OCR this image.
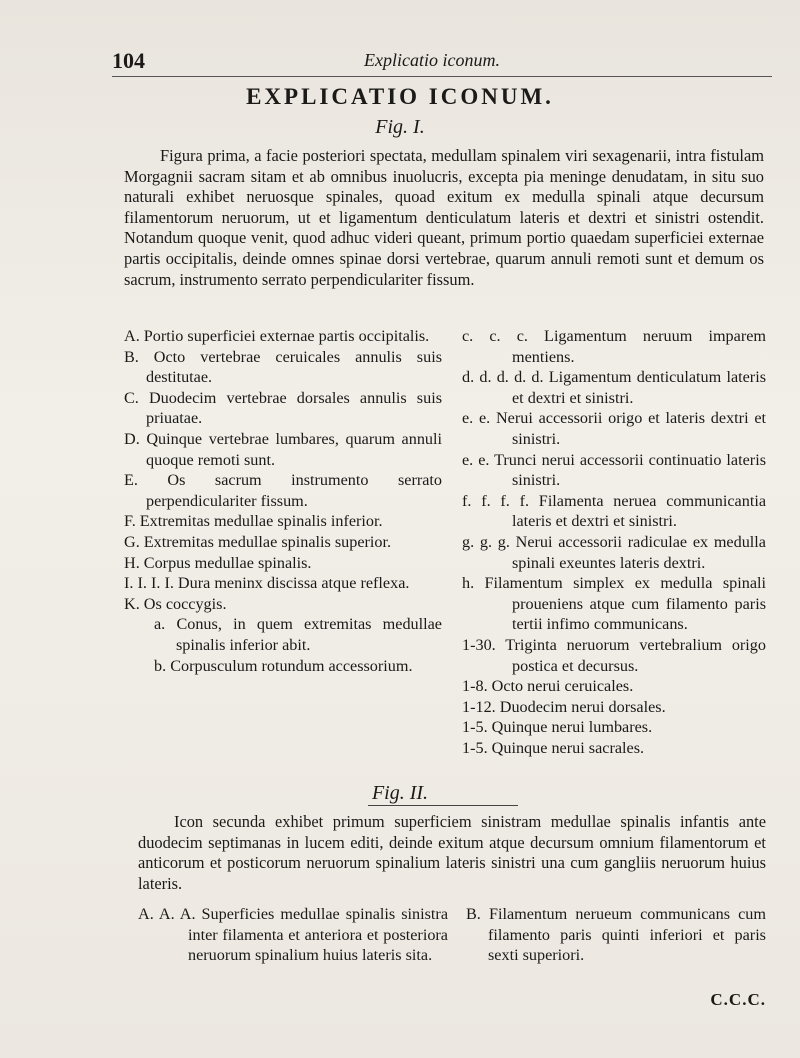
104	Explicatio iconum.
EXPLICATIO ICONUM.
Fig. I.

Figura prima, a facie posteriori spectata, medullam spinalem viri sexagenarii, intra fistulam Morgagnii sacram sitam et ab omnibus inuolucris, excepta pia meninge denudatam, in situ suo naturali exhibet neruosque spinales, quoad exitum ex medulla spinali atque decursum filamentorum neruorum, ut et ligamentum denticulatum lateris et dextri et sinistri ostendit. Notandum quoque venit, quod adhuc videri queant, primum portio quaedam superficiei externae partis occipitalis, deinde omnes spinae dorsi vertebrae, quarum annuli remoti sunt et demum os sacrum, instrumento serrato perpendiculariter fissum.

A. Portio superficiei externae partis occipitalis.
B. Octo vertebrae ceruicales annulis suis destitutae.
C. Duodecim vertebrae dorsales annulis suis priuatae.
D. Quinque vertebrae lumbares, quarum annuli quoque remoti sunt.
E. Os sacrum instrumento serrato perpendiculariter fissum.
F. Extremitas medullae spinalis inferior.
G. Extremitas medullae spinalis superior.
H. Corpus medullae spinalis.
I. I. I. I. Dura meninx discissa atque reflexa.
K. Os coccygis.
a. Conus, in quem extremitas medullae spinalis inferior abit.
b. Corpusculum rotundum accessorium.
c. c. c. Ligamentum neruum imparem mentiens.
d. d. d. d. d. Ligamentum denticulatum lateris et dextri et sinistri.
e. e. Nerui accessorii origo et lateris dextri et sinistri.
e. e. Trunci nerui accessorii continuatio lateris sinistri.
f. f. f. f. Filamenta neruea communicantia lateris et dextri et sinistri.
g. g. g. Nerui accessorii radiculae ex medulla spinali exeuntes lateris dextri.
h. Filamentum simplex ex medulla spinali proueniens atque cum filamento paris tertii infimo communicans.
1-30. Triginta neruorum vertebralium origo postica et decursus.
1-8. Octo nerui ceruicales.
1-12. Duodecim nerui dorsales.
1-5. Quinque nerui lumbares.
1-5. Quinque nerui sacrales.
Fig. II.

Icon secunda exhibet primum superficiem sinistram medullae spinalis infantis ante duodecim septimanas in lucem editi, deinde exitum atque decursum omnium filamentorum et anticorum et posticorum neruorum spinalium lateris sinistri una cum gangliis neruorum huius lateris.

A. A. A. Superficies medullae spinalis sinistra inter filamenta et anteriora et posteriora neruorum spinalium huius lateris sita.
B. Filamentum nerueum communicans cum filamento paris quinti inferiori et paris sexti superiori.
C.C.C.
